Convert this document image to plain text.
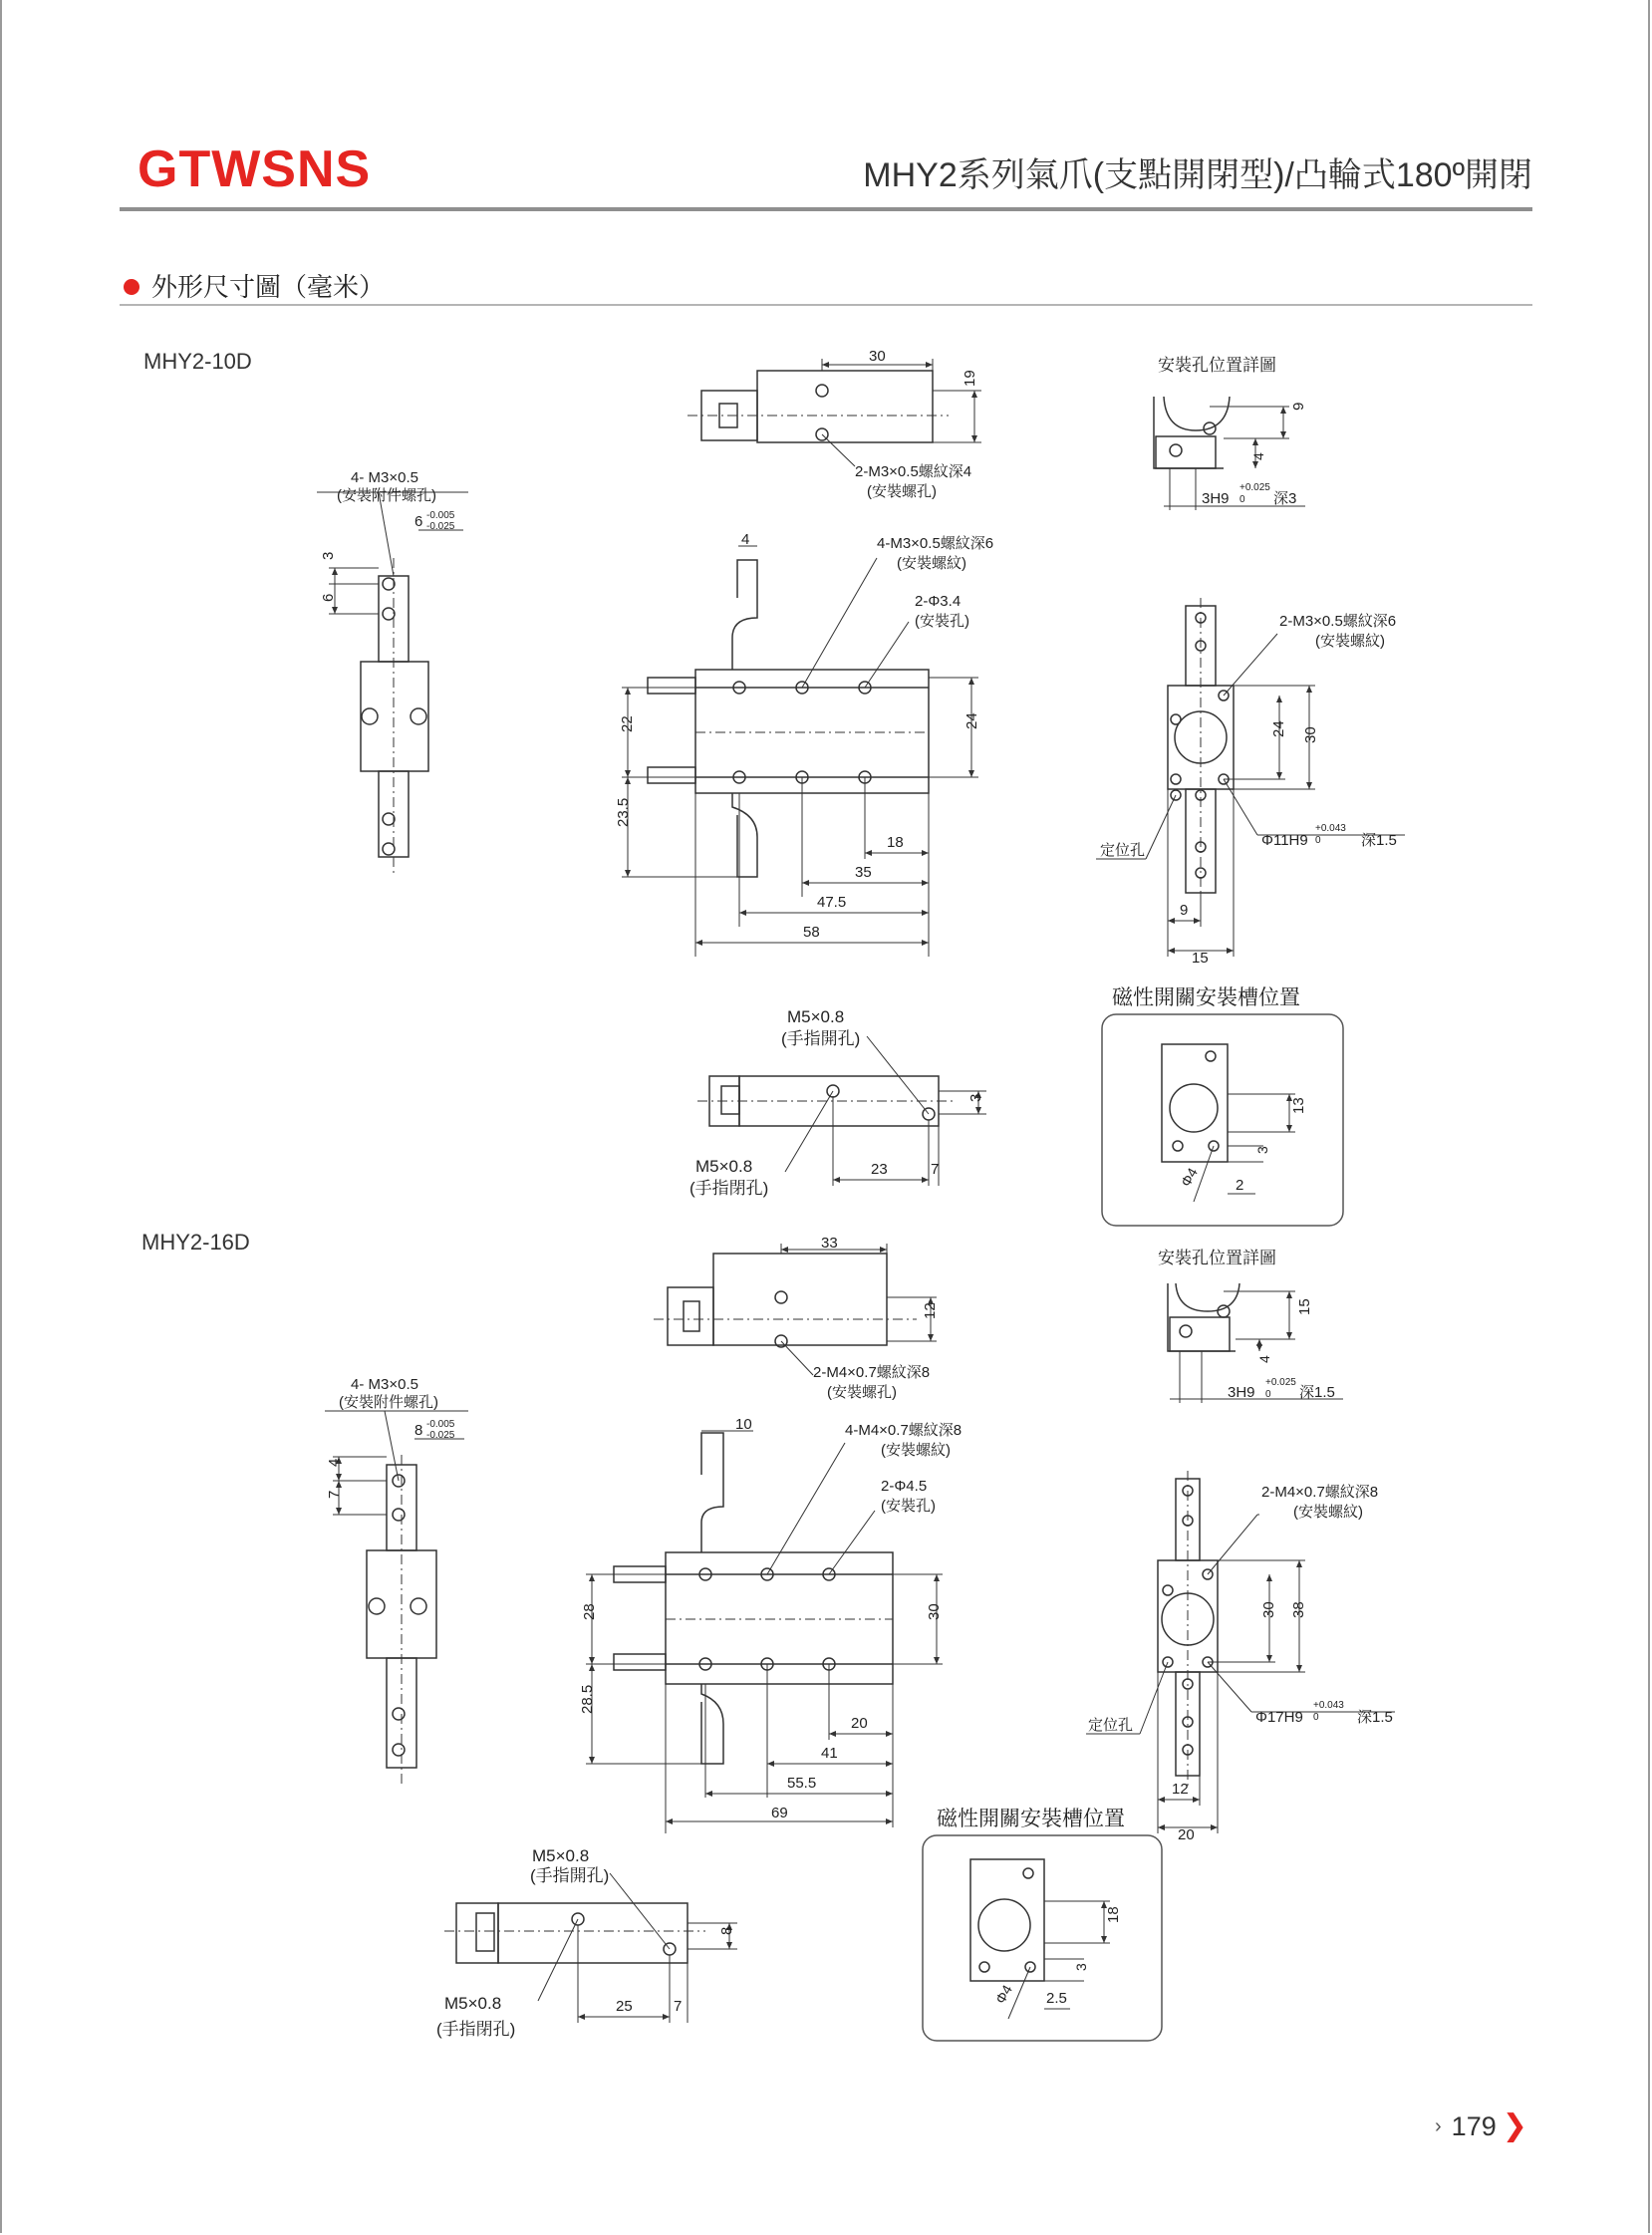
GTWSNS	MHY2系列氣爪(支點開閉型)/凸輪式180º開閉
外形尺寸圖（毫米）
MHY2-10D
MHY2-16D
30
19
2-M3×0.5螺紋深4
(安裝螺孔)
4- M3×0.5
(安裝附件螺孔)
6 -0.005
-0.025
3
6
4	4-M3×0.5螺紋深6
(安裝螺紋)
2-Φ3.4
(安裝孔)
22
23.5
24
18
35
47.5
58
安裝孔位置詳圖
9
4
3H9
+0.025
0 深3
2-M3×0.5螺紋深6
(安裝螺紋)
24 30
Φ11H9
+0.043
0	深1.5
定位孔
9
15
M5×0.8
(手指開孔)
M5×0.8
(手指閉孔)
3
23	7
磁性開關安裝槽位置
13
3
2
Φ4
33
12
2-M4×0.7螺紋深8
(安裝螺孔)
4- M3×0.5
(安裝附件螺孔)
8 -0.005
-0.025
4
7
10	4-M4×0.7螺紋深8
(安裝螺紋)
2-Φ4.5
(安裝孔)
28
28.5
30
20
41
55.5
69
安裝孔位置詳圖
15
4
3H9
+0.025
0 深1.5
2-M4×0.7螺紋深8
(安裝螺紋)
30 38
Φ17H9
+0.043
0	深1.5
定位孔
12
20
M5×0.8
(手指開孔)
M5×0.8
(手指閉孔)
8
25	7
磁性開關安裝槽位置
18
3
2.5
Φ4
› 179 ❯
